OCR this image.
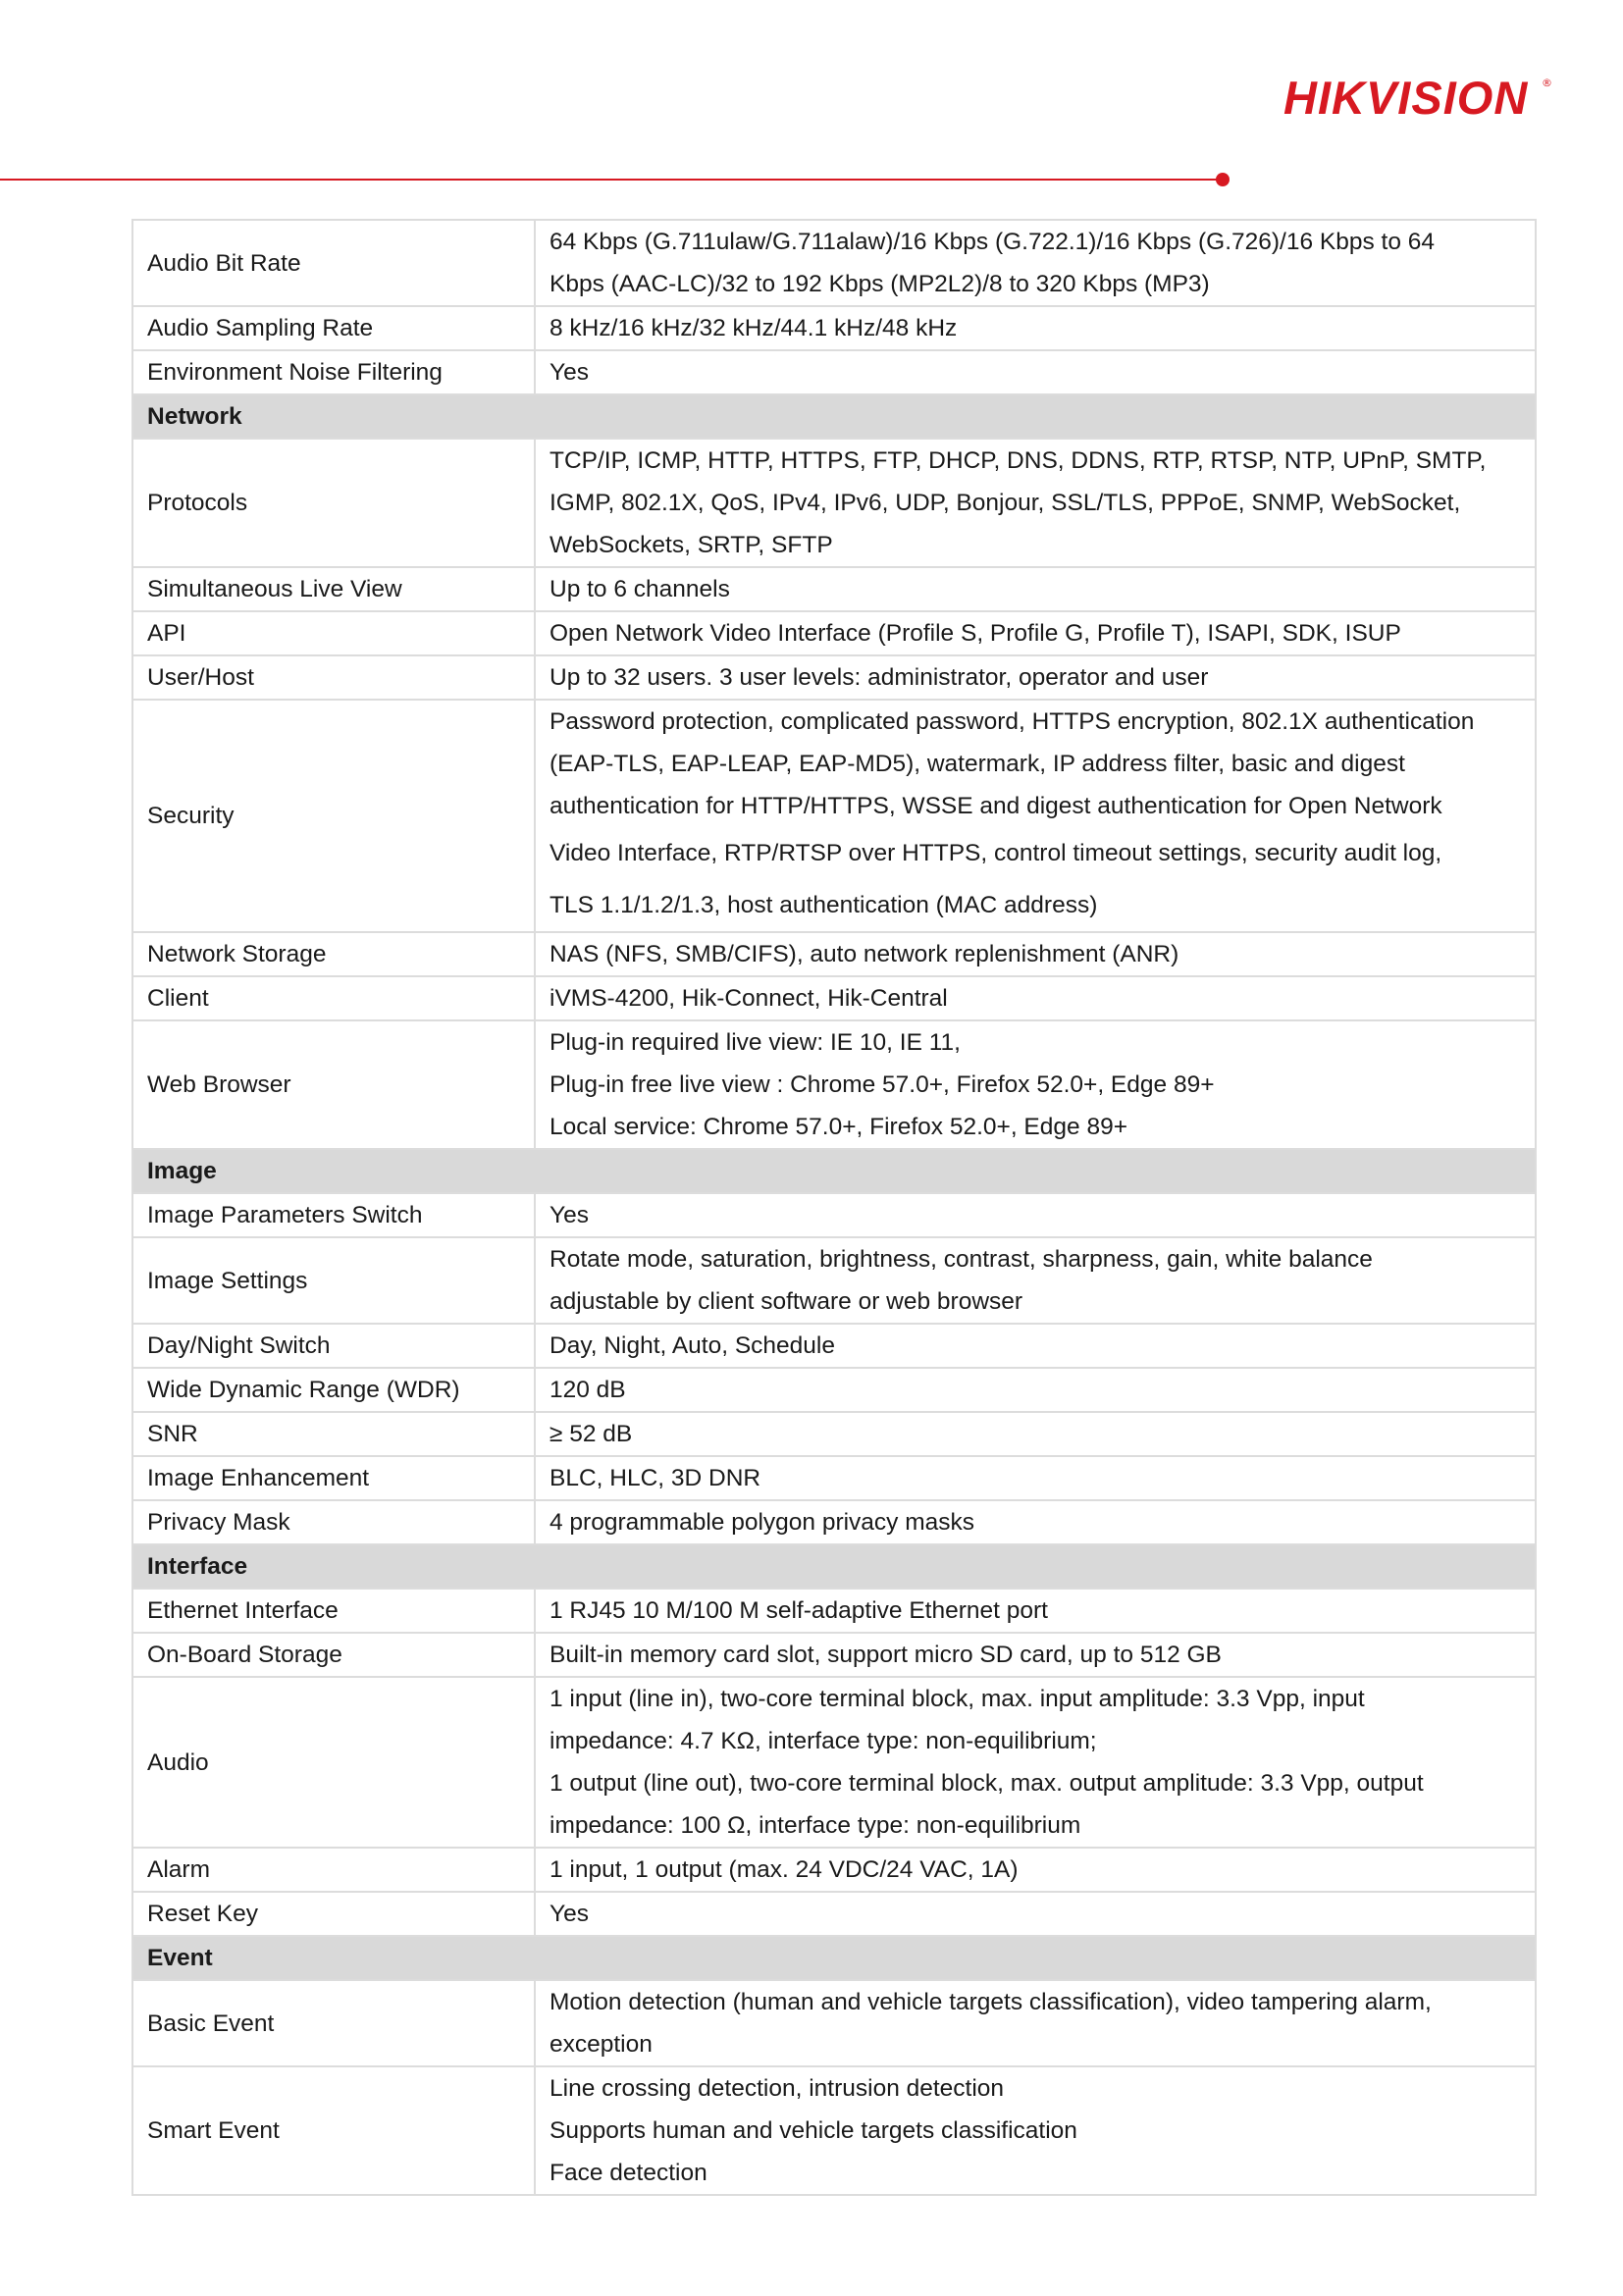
HIKVISION ®
Audio Bit Rate	64 Kbps (G.711ulaw/G.711alaw)/16 Kbps (G.722.1)/16 Kbps (G.726)/16 Kbps to 64
Kbps (AAC-LC)/32 to 192 Kbps (MP2L2)/8 to 320 Kbps (MP3)

Audio Sampling Rate	8 kHz/16 kHz/32 kHz/44.1 kHz/48 kHz

Environment Noise Filtering	Yes

Network	
Protocols	TCP/IP, ICMP, HTTP, HTTPS, FTP, DHCP, DNS, DDNS, RTP, RTSP, NTP, UPnP, SMTP,
IGMP, 802.1X, QoS, IPv4, IPv6, UDP, Bonjour, SSL/TLS, PPPoE, SNMP, WebSocket,
WebSockets, SRTP, SFTP

Simultaneous Live View	Up to 6 channels

API	Open Network Video Interface (Profile S, Profile G, Profile T), ISAPI, SDK, ISUP

User/Host	Up to 32 users. 3 user levels: administrator, operator and user

Security	Password protection, complicated password, HTTPS encryption, 802.1X authentication
(EAP-TLS, EAP-LEAP, EAP-MD5), watermark, IP address filter, basic and digest
authentication for HTTP/HTTPS, WSSE and digest authentication for Open Network
Video Interface, RTP/RTSP over HTTPS, control timeout settings, security audit log,
TLS 1.1/1.2/1.3, host authentication (MAC address)

Network Storage	NAS (NFS, SMB/CIFS), auto network replenishment (ANR)

Client	iVMS-4200, Hik-Connect, Hik-Central

Web Browser	Plug-in required live view: IE 10, IE 11,
Plug-in free live view : Chrome 57.0+, Firefox 52.0+, Edge 89+
Local service: Chrome 57.0+, Firefox 52.0+, Edge 89+

Image	
Image Parameters Switch	Yes

Image Settings	Rotate mode, saturation, brightness, contrast, sharpness, gain, white balance
adjustable by client software or web browser

Day/Night Switch	Day, Night, Auto, Schedule

Wide Dynamic Range (WDR)	120 dB

SNR	≥ 52 dB

Image Enhancement	BLC, HLC, 3D DNR

Privacy Mask	4 programmable polygon privacy masks

Interface	
Ethernet Interface	1 RJ45 10 M/100 M self-adaptive Ethernet port

On-Board Storage	Built-in memory card slot, support micro SD card, up to 512 GB

Audio	1 input (line in), two-core terminal block, max. input amplitude: 3.3 Vpp, input
impedance: 4.7 KΩ, interface type: non-equilibrium;
1 output (line out), two-core terminal block, max. output amplitude: 3.3 Vpp, output
impedance: 100 Ω, interface type: non-equilibrium

Alarm	1 input, 1 output (max. 24 VDC/24 VAC, 1A)

Reset Key	Yes

Event	
Basic Event	Motion detection (human and vehicle targets classification), video tampering alarm,
exception

Smart Event	Line crossing detection, intrusion detection
Supports human and vehicle targets classification
Face detection
